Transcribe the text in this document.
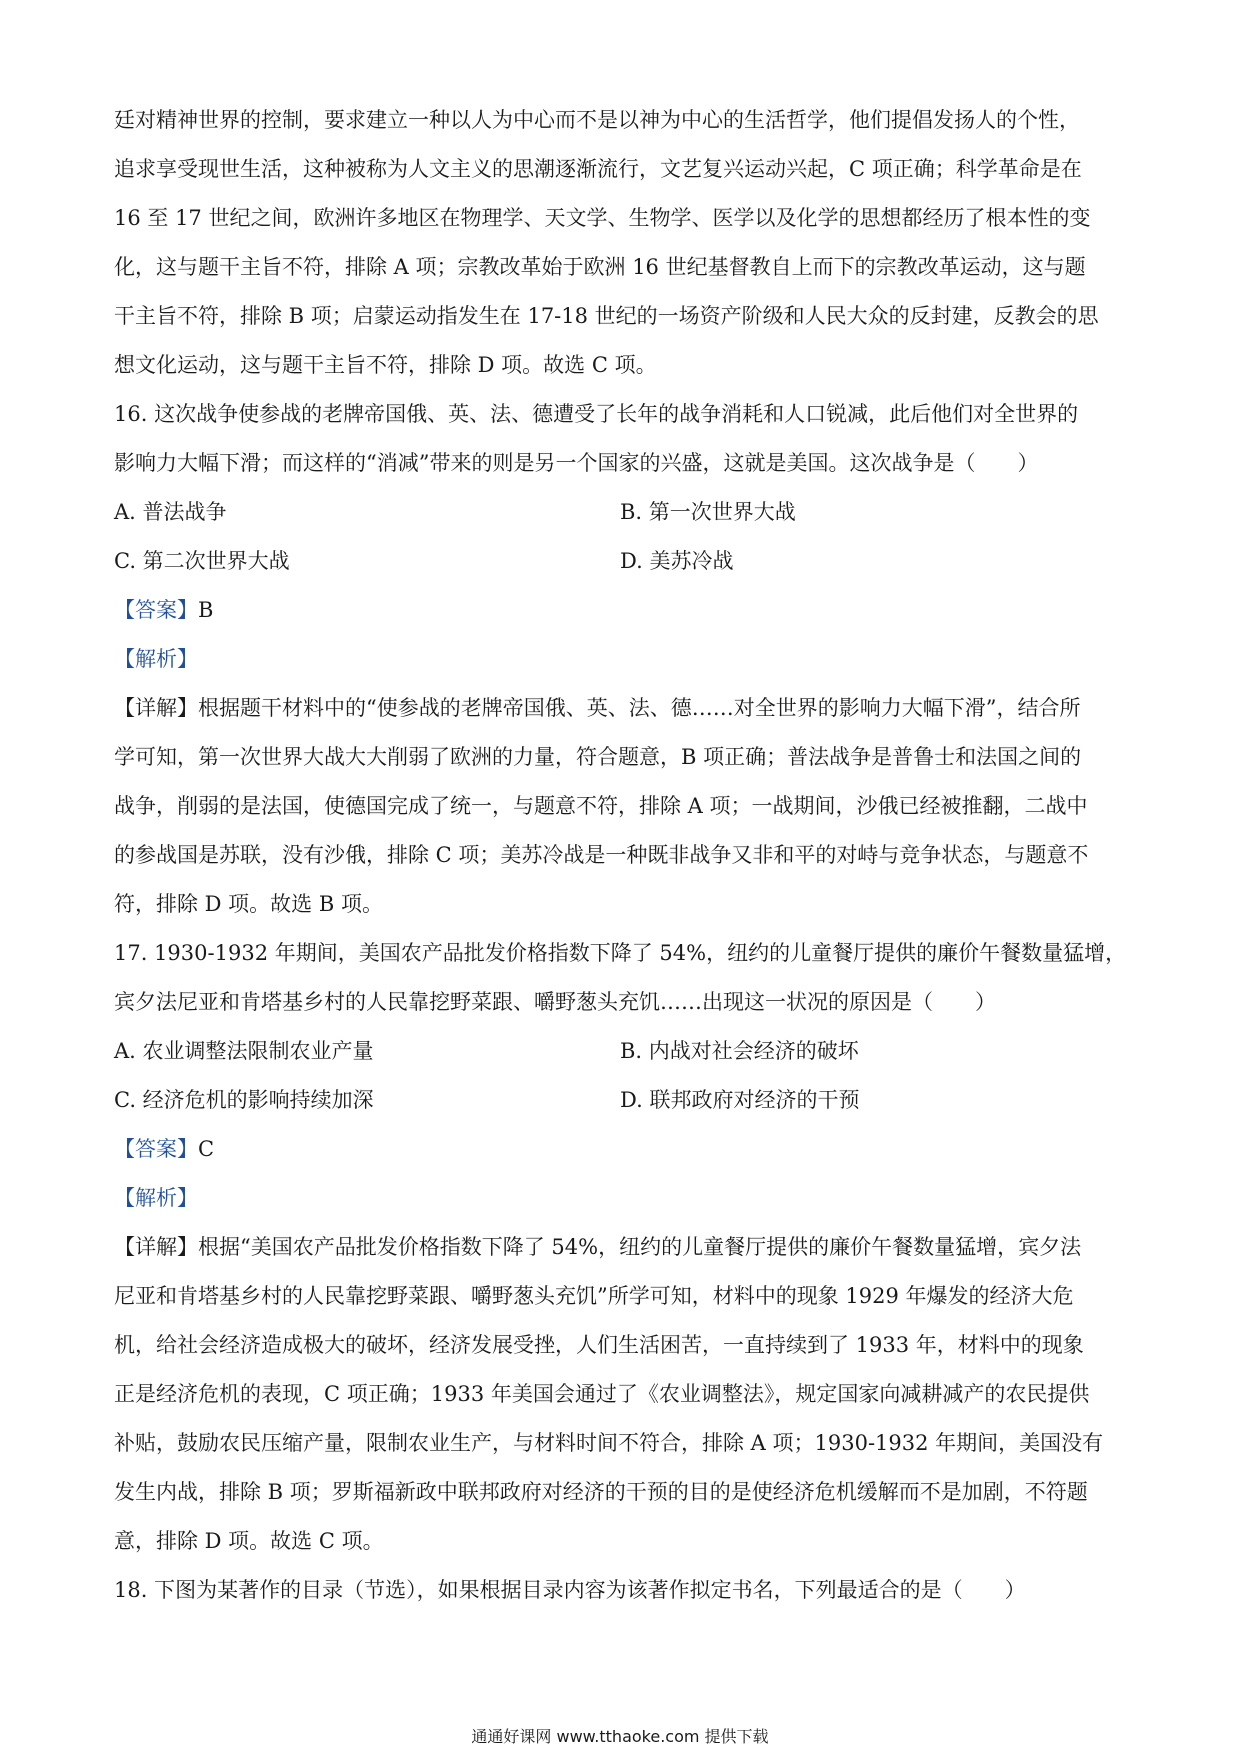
廷对精神世界的控制，要求建立一种以人为中心而不是以神为中心的生活哲学，他们提倡发扬人的个性，
追求享受现世生活，这种被称为人文主义的思潮逐渐流行，文艺复兴运动兴起，C 项正确；科学革命是在
16 至 17 世纪之间，欧洲许多地区在物理学、天文学、生物学、医学以及化学的思想都经历了根本性的变
化，这与题干主旨不符，排除 A 项；宗教改革始于欧洲 16 世纪基督教自上而下的宗教改革运动，这与题
干主旨不符，排除 B 项；启蒙运动指发生在 17-18 世纪的一场资产阶级和人民大众的反封建，反教会的思
想文化运动，这与题干主旨不符，排除 D 项。故选 C 项。
16. 这次战争使参战的老牌帝国俄、英、法、德遭受了长年的战争消耗和人口锐减，此后他们对全世界的
影响力大幅下滑；而这样的“消减”带来的则是另一个国家的兴盛，这就是美国。这次战争是（　　）
A. 普法战争	B. 第一次世界大战
C. 第二次世界大战	D. 美苏冷战
【答案】B
【解析】
【详解】根据题干材料中的“使参战的老牌帝国俄、英、法、德……对全世界的影响力大幅下滑”，结合所
学可知，第一次世界大战大大削弱了欧洲的力量，符合题意，B 项正确；普法战争是普鲁士和法国之间的
战争，削弱的是法国，使德国完成了统一，与题意不符，排除 A 项；一战期间，沙俄已经被推翻，二战中
的参战国是苏联，没有沙俄，排除 C 项；美苏冷战是一种既非战争又非和平的对峙与竞争状态，与题意不
符，排除 D 项。故选 B 项。
17. 1930-1932 年期间，美国农产品批发价格指数下降了 54%，纽约的儿童餐厅提供的廉价午餐数量猛增，
宾夕法尼亚和肯塔基乡村的人民靠挖野菜跟、嚼野葱头充饥……出现这一状况的原因是（　　）
A. 农业调整法限制农业产量	B. 内战对社会经济的破坏
C. 经济危机的影响持续加深	D. 联邦政府对经济的干预
【答案】C
【解析】
【详解】根据“美国农产品批发价格指数下降了 54%，纽约的儿童餐厅提供的廉价午餐数量猛增，宾夕法
尼亚和肯塔基乡村的人民靠挖野菜跟、嚼野葱头充饥”所学可知，材料中的现象 1929 年爆发的经济大危
机，给社会经济造成极大的破坏，经济发展受挫，人们生活困苦，一直持续到了 1933 年，材料中的现象
正是经济危机的表现，C 项正确；1933 年美国会通过了《农业调整法》，规定国家向减耕减产的农民提供
补贴，鼓励农民压缩产量，限制农业生产，与材料时间不符合，排除 A 项；1930-1932 年期间，美国没有
发生内战，排除 B 项；罗斯福新政中联邦政府对经济的干预的目的是使经济危机缓解而不是加剧，不符题
意，排除 D 项。故选 C 项。
18. 下图为某著作的目录（节选），如果根据目录内容为该著作拟定书名，下列最适合的是（　　）
通通好课网 www.tthaoke.com 提供下载
